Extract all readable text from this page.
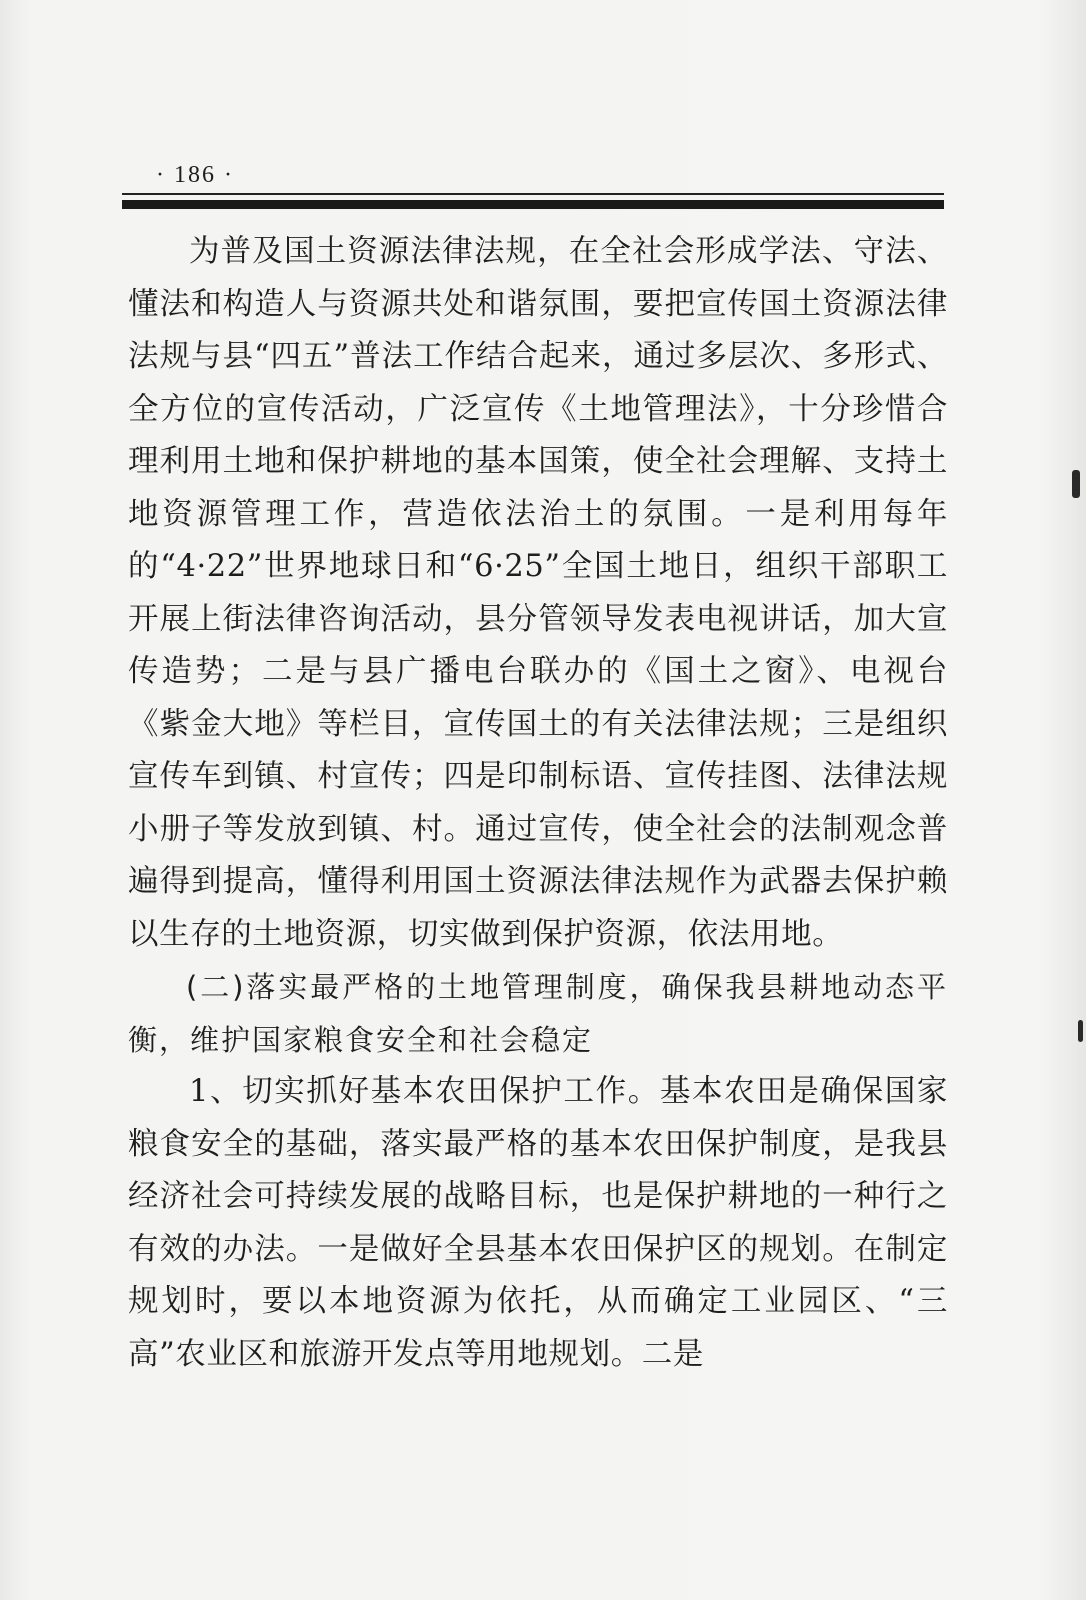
· 186 ·

为普及国土资源法律法规，在全社会形成学法、守法、懂法和构造人与资源共处和谐氛围，要把宣传国土资源法律法规与县“四五”普法工作结合起来，通过多层次、多形式、全方位的宣传活动，广泛宣传《土地管理法》，十分珍惜合理利用土地和保护耕地的基本国策，使全社会理解、支持土地资源管理工作，营造依法治土的氛围。一是利用每年的“4·22”世界地球日和“6·25”全国土地日，组织干部职工开展上街法律咨询活动，县分管领导发表电视讲话，加大宣传造势；二是与县广播电台联办的《国土之窗》、电视台《紫金大地》等栏目，宣传国土的有关法律法规；三是组织宣传车到镇、村宣传；四是印制标语、宣传挂图、法律法规小册子等发放到镇、村。通过宣传，使全社会的法制观念普遍得到提高，懂得利用国土资源法律法规作为武器去保护赖以生存的土地资源，切实做到保护资源，依法用地。

(二)落实最严格的土地管理制度，确保我县耕地动态平衡，维护国家粮食安全和社会稳定

1、切实抓好基本农田保护工作。基本农田是确保国家粮食安全的基础，落实最严格的基本农田保护制度，是我县经济社会可持续发展的战略目标，也是保护耕地的一种行之有效的办法。一是做好全县基本农田保护区的规划。在制定规划时，要以本地资源为依托，从而确定工业园区、“三高”农业区和旅游开发点等用地规划。二是
